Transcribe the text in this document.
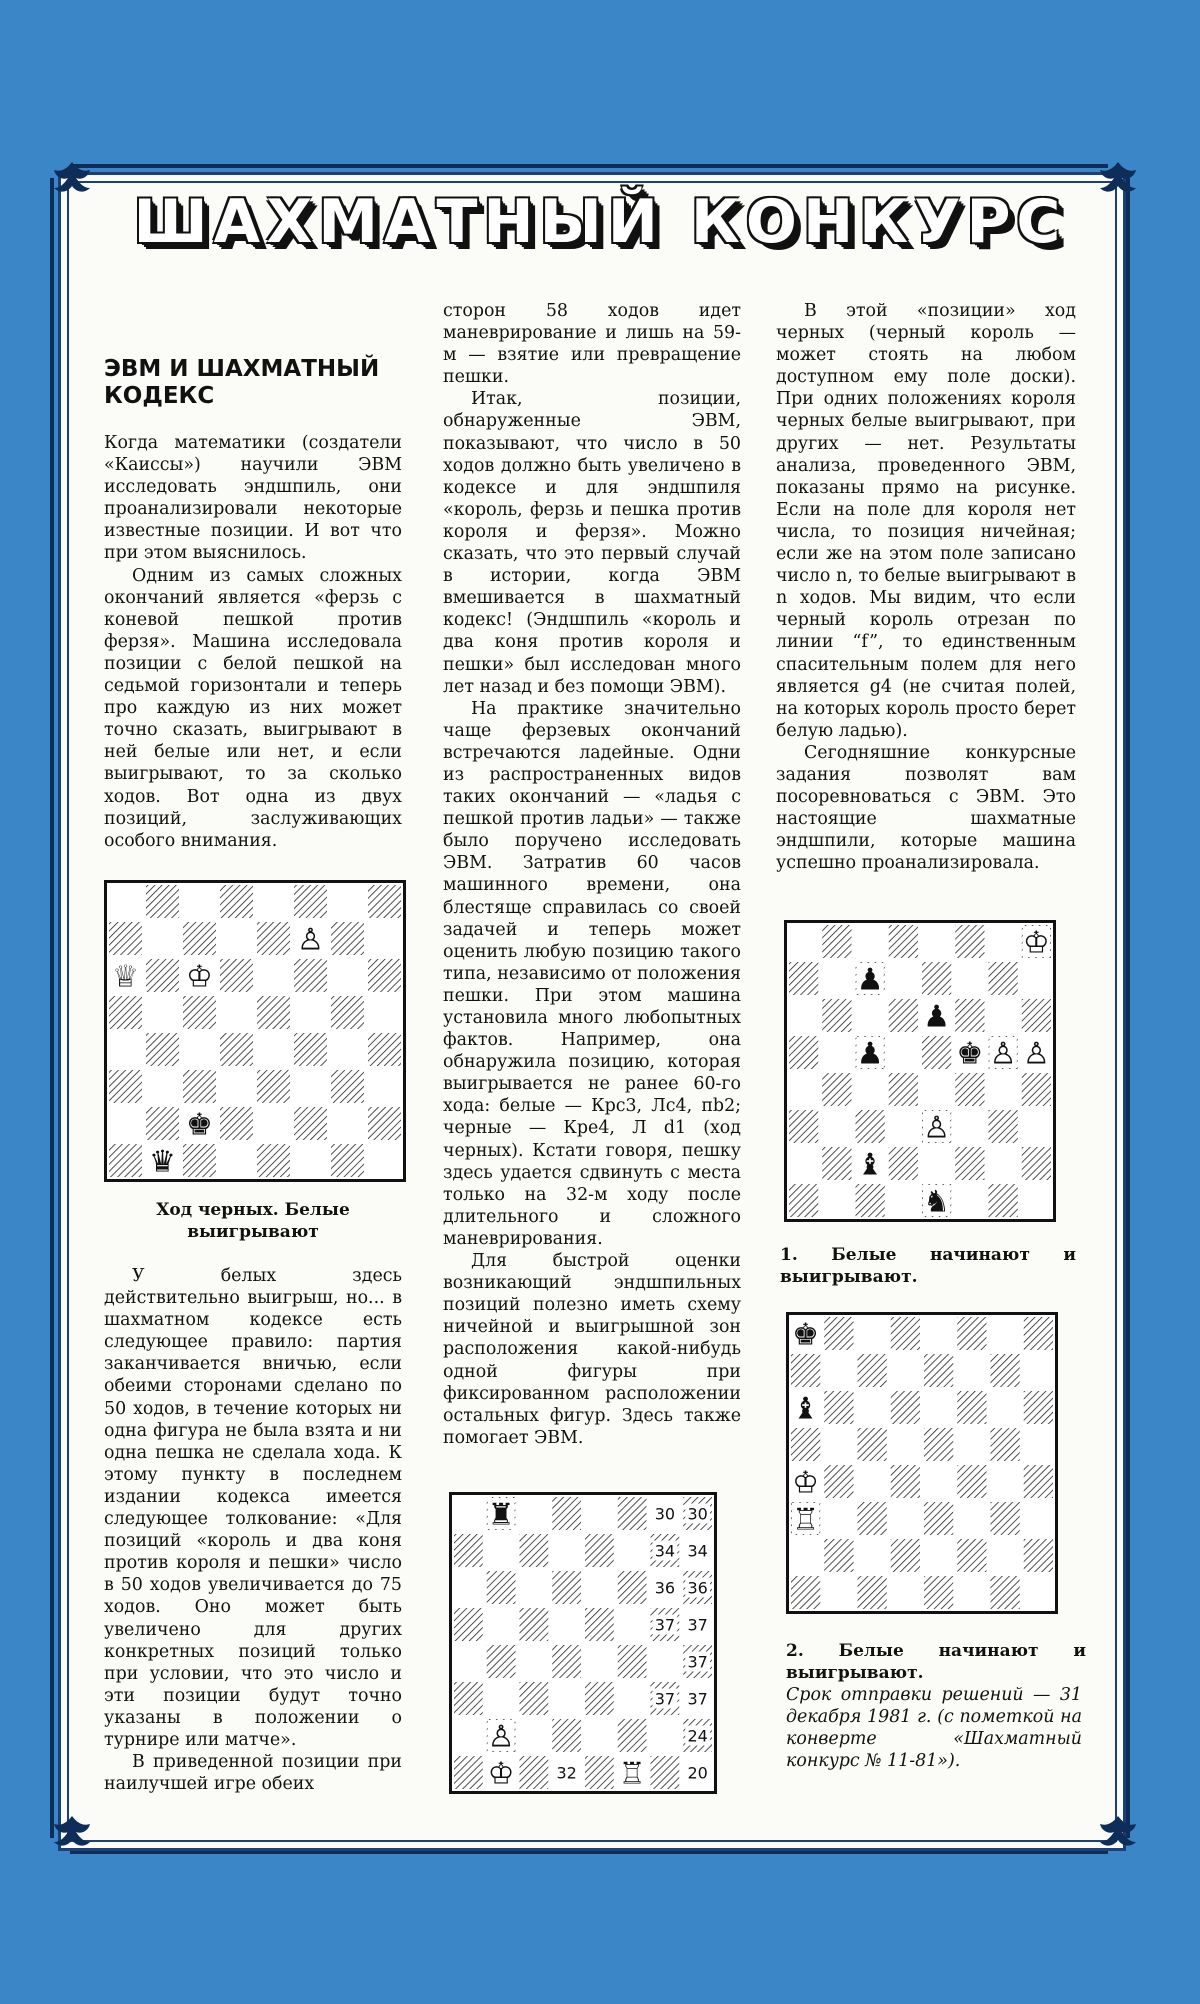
ШАХМАТНЫЙ КОНКУРС
ЭВМ И ШАХМАТНЫЙ КОДЕКС

Когда математики (создатели «Каиссы») научили ЭВМ исследовать эндшпиль, они проанализировали некоторые известные позиции. И вот что при этом выяснилось.

Одним из самых сложных окончаний является «ферзь с коневой пешкой против ферзя». Машина исследовала позиции с белой пешкой на седьмой горизонтали и теперь про каждую из них может точно сказать, выигрывают в ней белые или нет, и если выигрывают, то за сколько ходов. Вот одна из двух позиций, заслуживающих особого внимания.

♙
♕ ♔
♚
♛
Ход черных. Белые выигрывают

У белых здесь действительно выигрыш, но... в шахматном кодексе есть следующее правило: партия заканчивается вничью, если обеими сторонами сделано по 50 ходов, в течение которых ни одна фигура не была взята и ни одна пешка не сделала хода. К этому пункту в последнем издании кодекса имеется следующее толкование: «Для позиций «король и два коня против короля и пешки» число в 50 ходов увеличивается до 75 ходов. Оно может быть увеличено для других конкретных позиций только при условии, что это число и эти позиции будут точно указаны в положении о турнире или матче».

В приведенной позиции при наилучшей игре обеих

сторон 58 ходов идет маневрирование и лишь на 59-м — взятие или превращение пешки.

Итак, позиции, обнаруженные ЭВМ, показывают, что число в 50 ходов должно быть увеличено в кодексе и для эндшпиля «король, ферзь и пешка против короля и ферзя». Можно сказать, что это первый случай в истории, когда ЭВМ вмешивается в шахматный кодекс! (Эндшпиль «король и два коня против короля и пешки» был исследован много лет назад и без помощи ЭВМ).

На практике значительно чаще ферзевых окончаний встречаются ладейные. Одни из распространенных видов таких окончаний — «ладья с пешкой против ладьи» — также было поручено исследовать ЭВМ. Затратив 60 часов машинного времени, она блестяще справилась со своей задачей и теперь может оценить любую позицию такого типа, независимо от положения пешки. При этом машина установила много любопытных фактов. Например, она обнаружила позицию, которая выигрывается не ранее 60-го хода: белые — Крc3, Лc4, пb2; черные — Крe4, Л d1 (ход черных). Кстати говоря, пешку здесь удается сдвинуть с места только на 32-м ходу после длительного и сложного маневрирования.

Для быстрой оценки возникающий эндшпильных позиций полезно иметь схему ничейной и выигрышной зон расположения какой-нибудь одной фигуры при фиксированном расположении остальных фигур. Здесь также помогает ЭВМ.

♜
♙
♔	♖
30 30
34 34
36 36
37 37
37
37 37
24
32	20

В этой «позиции» ход черных (черный король — может стоять на любом доступном ему поле доски). При одних положениях короля черных белые выигрывают, при других — нет. Результаты анализа, проведенного ЭВМ, показаны прямо на рисунке. Если на поле для короля нет числа, то позиция ничейная; если же на этом поле записано число n, то белые выигрывают в n ходов. Мы видим, что если черный король отрезан по линии “f”, то единственным спасительным полем для него является g4 (не считая полей, на которых король просто берет белую ладью).

Сегодняшние конкурсные задания позволят вам посоревноваться с ЭВМ. Это настоящие шахматные эндшпили, которые машина успешно проанализировала.

♔
♟
♟
♟ ♚ ♙ ♙
♙
♝
♞
1. Белые начинают и выигрывают.
♚
♝
♔
♖
2. Белые начинают и выигрывают.
Срок отправки решений — 31 декабря 1981 г. (с пометкой на конверте «Шахматный конкурс № 11-81»).
